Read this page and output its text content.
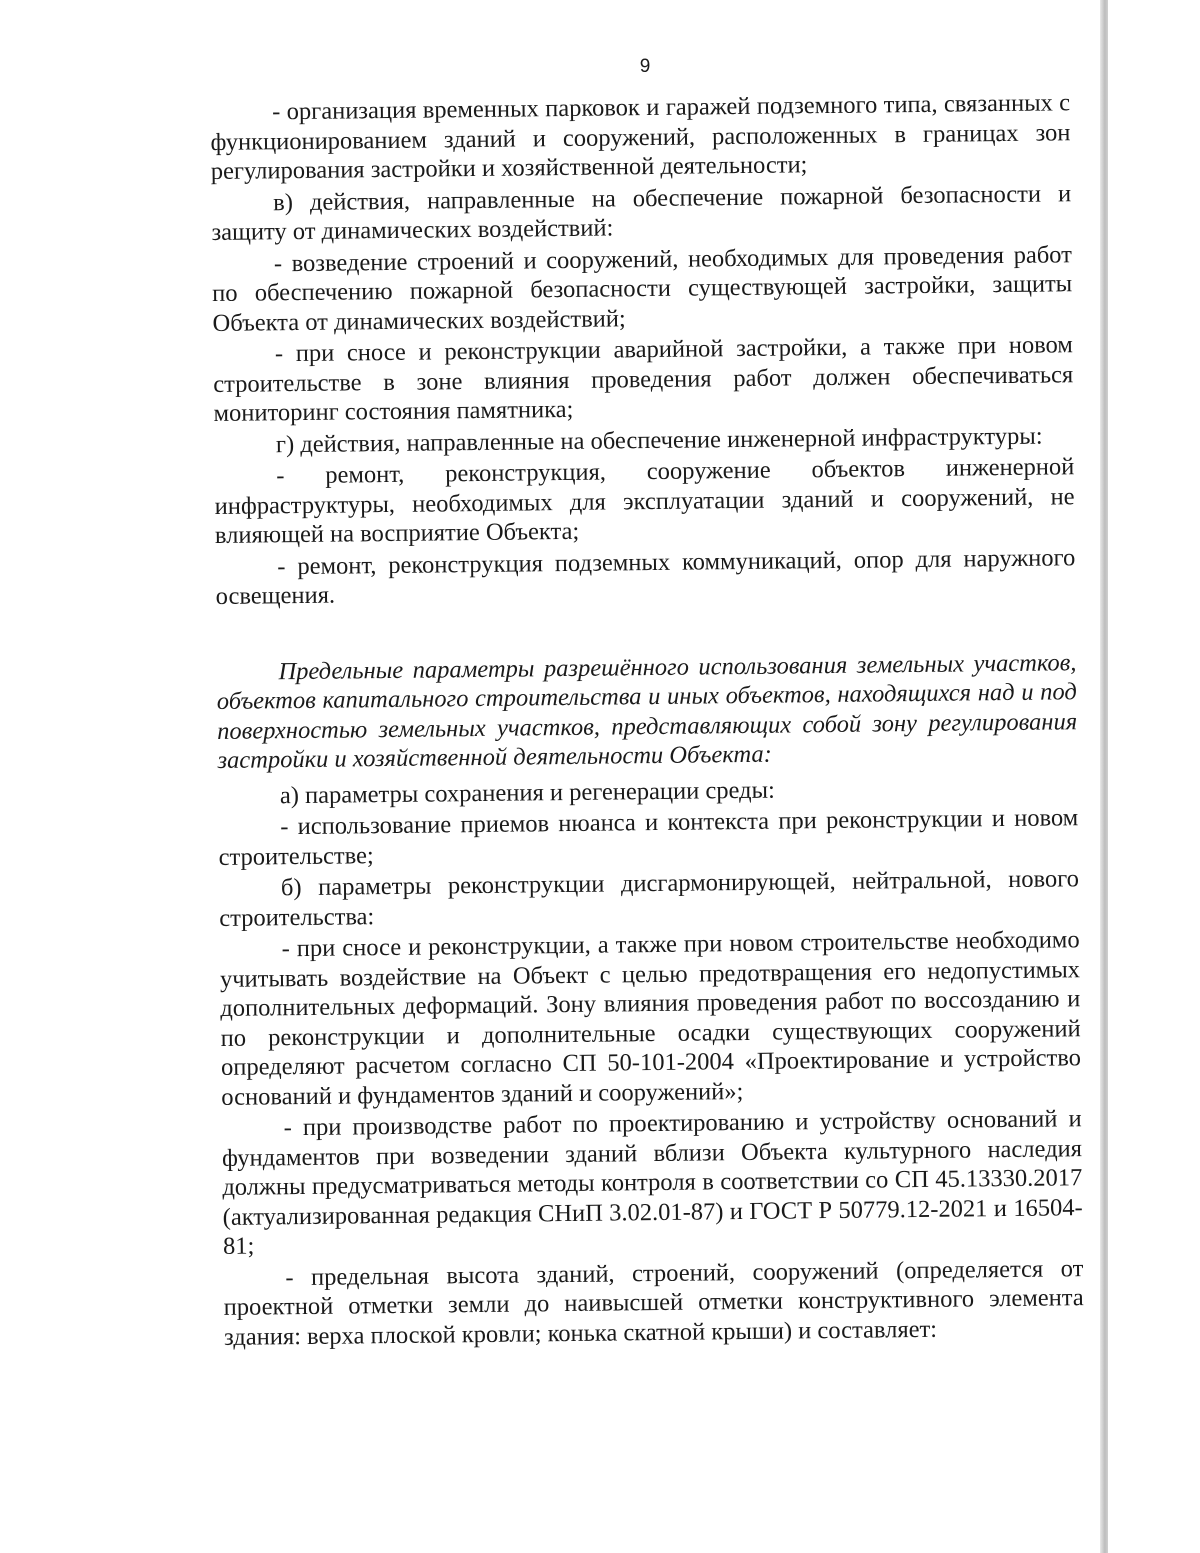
9

- организация временных парковок и гаражей подземного типа, связанных с функционированием зданий и сооружений, расположенных в границах зон регулирования застройки и хозяйственной деятельности;

в) действия, направленные на обеспечение пожарной безопасности и защиту от динамических воздействий:

- возведение строений и сооружений, необходимых для проведения работ по обеспечению пожарной безопасности существующей застройки, защиты Объекта от динамических воздействий;

- при сносе и реконструкции аварийной застройки, а также при новом строительстве в зоне влияния проведения работ должен обеспечиваться мониторинг состояния памятника;

г) действия, направленные на обеспечение инженерной инфраструктуры:

- ремонт, реконструкция, сооружение объектов инженерной инфраструктуры, необходимых для эксплуатации зданий и сооружений, не влияющей на восприятие Объекта;

- ремонт, реконструкция подземных коммуникаций, опор для наружного освещения.

Предельные параметры разрешённого использования земельных участков, объектов капитального строительства и иных объектов, находящихся над и под поверхностью земельных участков, представляющих собой зону регулирования застройки и хозяйственной деятельности Объекта:

а) параметры сохранения и регенерации среды:

- использование приемов нюанса и контекста при реконструкции и новом строительстве;

б) параметры реконструкции дисгармонирующей, нейтральной, нового строительства:

- при сносе и реконструкции, а также при новом строительстве необходимо учитывать воздействие на Объект с целью предотвращения его недопустимых дополнительных деформаций. Зону влияния проведения работ по воссозданию и по реконструкции и дополнительные осадки существующих сооружений определяют расчетом согласно СП 50-101-2004 «Проектирование и устройство оснований и фундаментов зданий и сооружений»;

- при производстве работ по проектированию и устройству оснований и фундаментов при возведении зданий вблизи Объекта культурного наследия должны предусматриваться методы контроля в соответствии со СП 45.13330.2017 (актуализированная редакция СНиП 3.02.01-87) и ГОСТ Р 50779.12-2021 и 16504-81;

- предельная высота зданий, строений, сооружений (определяется от проектной отметки земли до наивысшей отметки конструктивного элемента здания: верха плоской кровли; конька скатной крыши) и составляет:
